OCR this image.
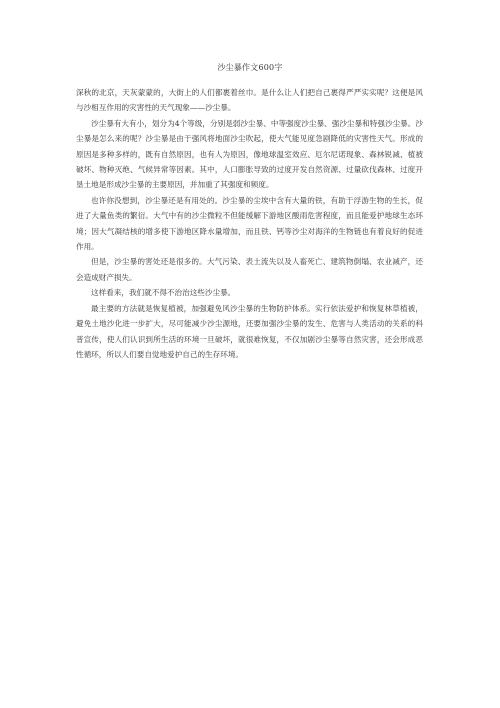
沙尘暴作文600字

深秋的北京，天灰蒙蒙的，大街上的人们都裹着丝巾。是什么让人们把自己裹得严严实实呢？这便是风与沙相互作用的灾害性的天气现象——沙尘暴。

沙尘暴有大有小，划分为4个等级，分别是弱沙尘暴、中等强度沙尘暴、强沙尘暴和特强沙尘暴。沙尘暴是怎么来的呢？沙尘暴是由于强风将地面沙尘吹起，使大气能见度急剧降低的灾害性天气。形成的原因是多种多样的，既有自然原因，也有人为原因，像地球温室效应、厄尔尼诺现象、森林锐减、植被破坏、物种灭绝、气候异常等因素。其中，人口膨胀导致的过度开发自然资源、过量砍伐森林、过度开垦土地是形成沙尘暴的主要原因，并加重了其强度和频度。

也许你没想到，沙尘暴还是有用处的。沙尘暴的尘埃中含有大量的铁，有助于浮游生物的生长，促进了大量鱼类的繁衍。大气中有的沙尘微粒不但能缓解下游地区酸雨危害程度，而且能爱护地球生态环境；因大气凝结核的增多使下游地区降水量增加，而且铁、钙等沙尘对海洋的生物链也有着良好的促进作用。

但是，沙尘暴的害处还是很多的。大气污染、表土流失以及人畜死亡、建筑物倒塌、农业减产，还会造成财产损失。

这样看来，我们就不得不治治这些沙尘暴。

最主要的方法就是恢复植被，加强避免风沙尘暴的生物防护体系。实行依法爱护和恢复林草植被，避免土地沙化进一步扩大，尽可能减少沙尘源地，还要加强沙尘暴的发生、危害与人类活动的关系的科普宣传，使人们认识到所生活的环境一旦破坏，就很难恢复，不仅加剧沙尘暴等自然灾害，还会形成恶性循环，所以人们要自觉地爱护自己的生存环境。
